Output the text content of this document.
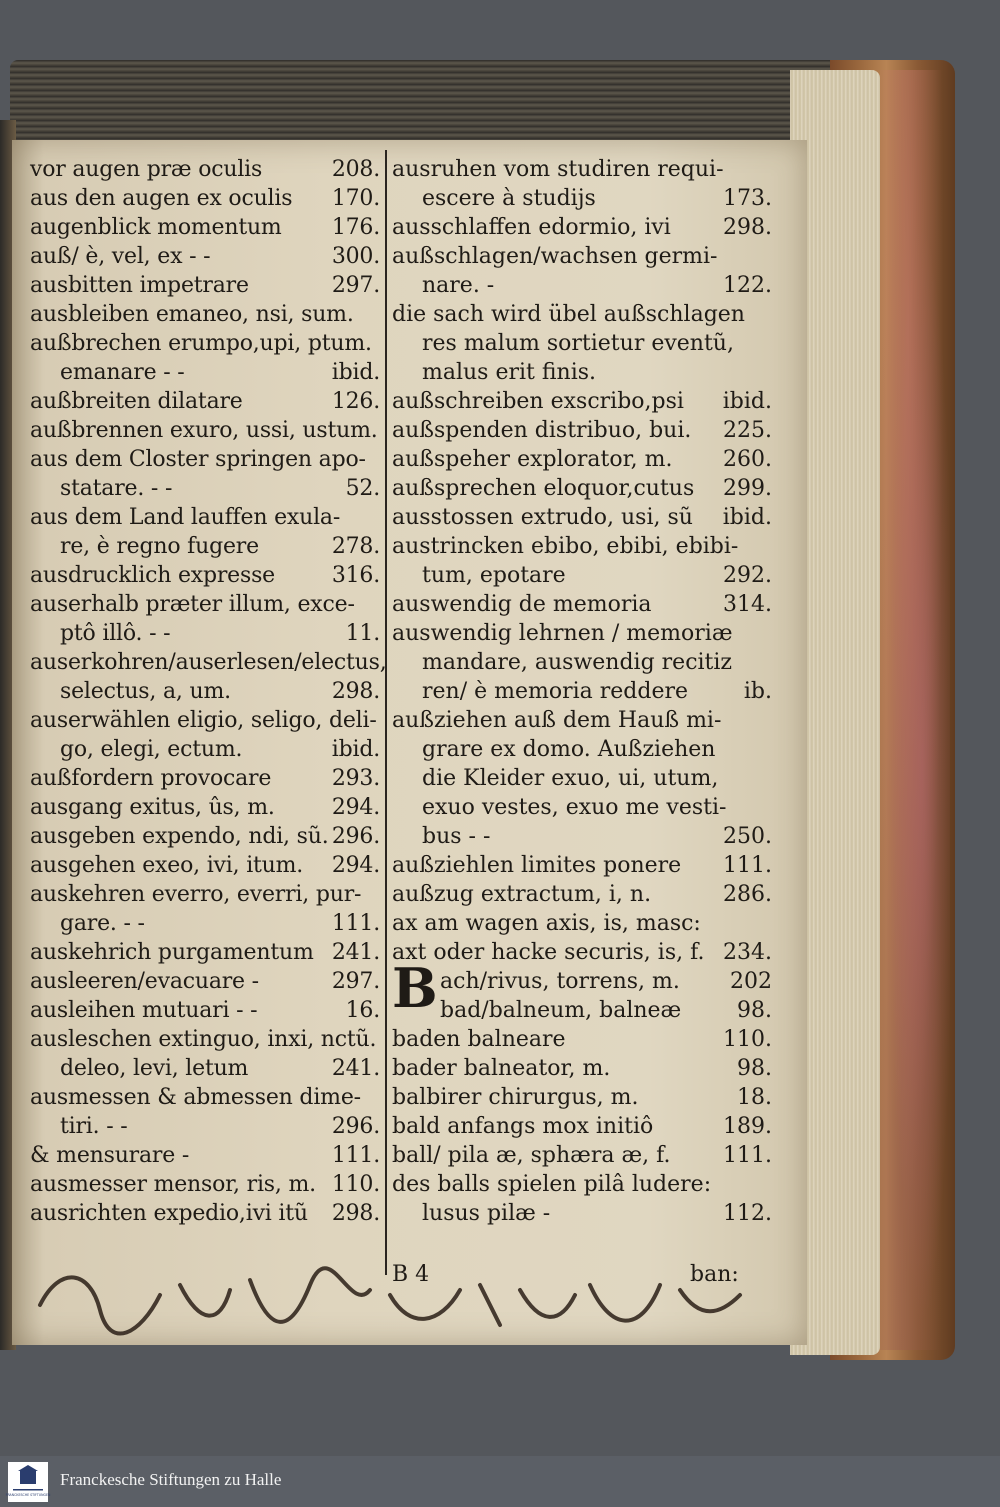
vor augen præ oculis	208.
aus den augen ex oculis 170.
augenblick momentum 176.
auß/ è, vel, ex - -	300.
ausbitten impetrare	297.
ausbleiben emaneo, nsi, sum.
außbrechen erumpo,upi, ptum.
emanare - -	ibid.
außbreiten dilatare	126.
außbrennen exuro, ussi, ustum.
aus dem Closter springen apo-
statare. - -	52.
aus dem Land lauffen exula-
re, è regno fugere	278.
ausdrucklich expresse	316.
auserhalb præter illum, exce-
ptô illô. - -	11.
auserkohren/auserlesen/electus,
selectus, a, um.	298.
auserwählen eligio, seligo, deli-
go, elegi, ectum.	ibid.
außfordern provocare	293.
ausgang exitus, ûs, m.	294.
ausgeben expendo, ndi, sũ. 296.
ausgehen exeo, ivi, itum. 294.
auskehren everro, everri, pur-
gare. - -	111.
auskehrich purgamentum 241.
ausleeren/evacuare -	297.
ausleihen mutuari - -	16.
ausleschen extinguo, inxi, nctũ.
deleo, levi, letum	241.
ausmessen & abmessen dime-
tiri. - -	296.
& mensurare -	111.
ausmesser mensor, ris, m. 110.
ausrichten expedio,ivi itũ 298.
ausruhen vom studiren requi-
escere à studijs	173.
ausschlaffen edormio, ivi 298.
außschlagen/wachsen germi-
nare. -	122.
die sach wird übel außschlagen
res malum sortietur eventũ,
malus erit finis.
außschreiben exscribo,psi ibid.
außspenden distribuo, bui. 225.
außspeher explorator, m. 260.
außsprechen eloquor,cutus 299.
ausstossen extrudo, usi, sũ ibid.
austrincken ebibo, ebibi, ebibi-
tum, epotare	292.
auswendig de memoria	314.
auswendig lehrnen / memoriæ
mandare, auswendig recitiz
ren/ è memoria reddere	ib.
außziehen auß dem Hauß mi-
grare ex domo. Außziehen
die Kleider exuo, ui, utum,
exuo vestes, exuo me vesti-
bus - -	250.
außziehlen limites ponere 111.
außzug extractum, i, n.	286.
ax am wagen axis, is, masc:
axt oder hacke securis, is, f. 234.
B ach/rivus, torrens, m. 202
bad/balneum, balneæ	98.
baden balneare	110.
bader balneator, m.	98.
balbirer chirurgus, m.	18.
bald anfangs mox initiô	189.
ball/ pila æ, sphæra æ, f. 111.
des balls spielen pilâ ludere:
lusus pilæ -	112.
B 4	ban:
FRANCKESCHE STIFTUNGEN
Franckesche Stiftungen zu Halle
